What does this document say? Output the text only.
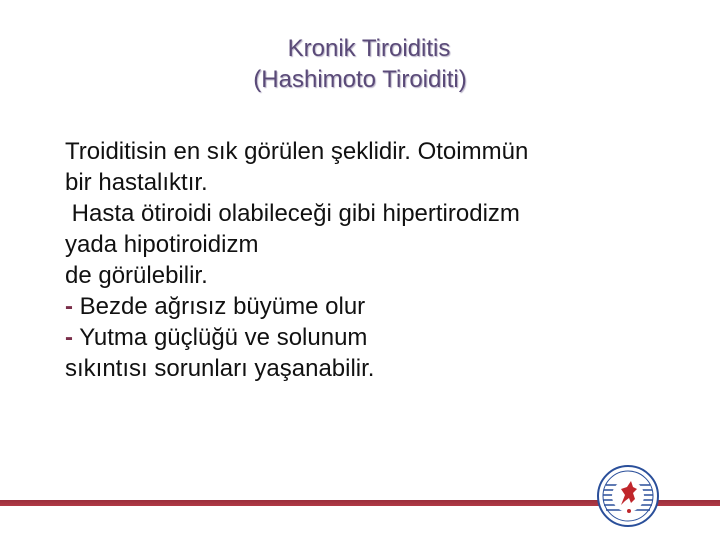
Kronik Tiroiditis
(Hashimoto Tiroiditi)
Troiditisin en sık görülen şeklidir. Otoimmün
bir hastalıktır.
Hasta ötiroidi olabileceği gibi hipertirodizm
yada hipotiroidizm
de görülebilir.
- Bezde ağrısız büyüme olur
- Yutma güçlüğü ve solunum
sıkıntısı sorunları yaşanabilir.
